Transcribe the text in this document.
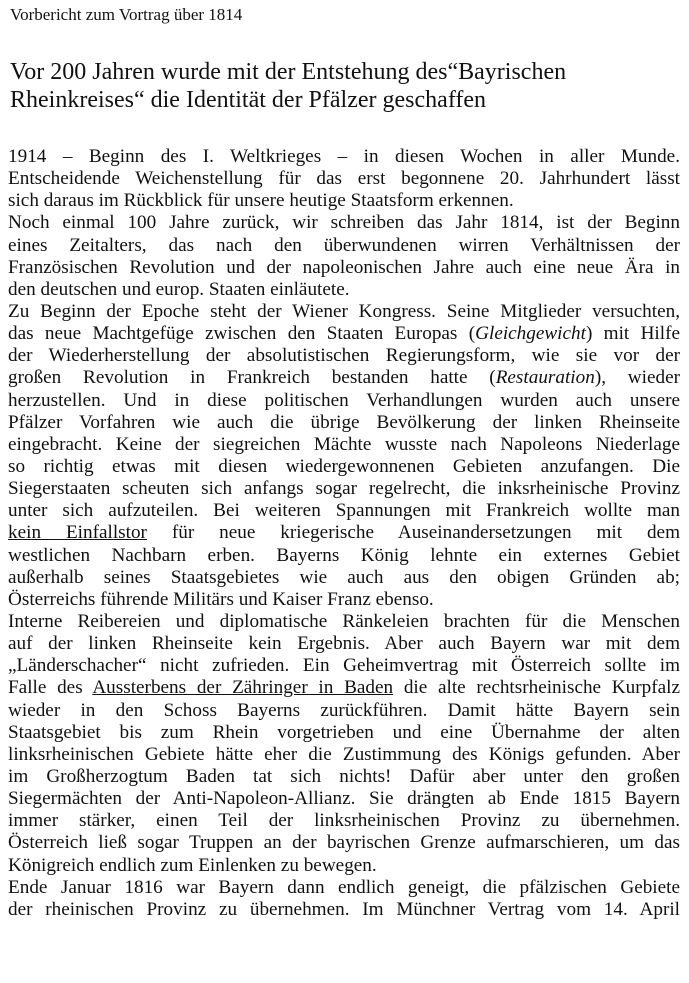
Vorbericht zum Vortrag über 1814
Vor 200 Jahren wurde mit der Entstehung des“Bayrischen
Rheinkreises“ die Identität der Pfälzer geschaffen
1914 – Beginn des I. Weltkrieges – in diesen Wochen in aller Munde.
Entscheidende Weichenstellung für das erst begonnene 20. Jahrhundert lässt
sich daraus im Rückblick für unsere heutige Staatsform erkennen.
Noch einmal 100 Jahre zurück, wir schreiben das Jahr 1814, ist der Beginn
eines Zeitalters, das nach den überwundenen wirren Verhältnissen der
Französischen Revolution und der napoleonischen Jahre auch eine neue Ära in
den deutschen und europ. Staaten einläutete.
Zu Beginn der Epoche steht der Wiener Kongress. Seine Mitglieder versuchten,
das neue Machtgefüge zwischen den Staaten Europas (Gleichgewicht) mit Hilfe
der Wiederherstellung der absolutistischen Regierungsform, wie sie vor der
großen Revolution in Frankreich bestanden hatte (Restauration), wieder
herzustellen. Und in diese politischen Verhandlungen wurden auch unsere
Pfälzer Vorfahren wie auch die übrige Bevölkerung der linken Rheinseite
eingebracht. Keine der siegreichen Mächte wusste nach Napoleons Niederlage
so richtig etwas mit diesen wiedergewonnenen Gebieten anzufangen. Die
Siegerstaaten scheuten sich anfangs sogar regelrecht, die inksrheinische Provinz
unter sich aufzuteilen. Bei weiteren Spannungen mit Frankreich wollte man
kein Einfallstor für neue kriegerische Auseinandersetzungen mit dem
westlichen Nachbarn erben. Bayerns König lehnte ein externes Gebiet
außerhalb seines Staatsgebietes wie auch aus den obigen Gründen ab;
Österreichs führende Militärs und Kaiser Franz ebenso.
Interne Reibereien und diplomatische Ränkeleien brachten für die Menschen
auf der linken Rheinseite kein Ergebnis. Aber auch Bayern war mit dem
„Länderschacher“ nicht zufrieden. Ein Geheimvertrag mit Österreich sollte im
Falle des Aussterbens der Zähringer in Baden die alte rechtsrheinische Kurpfalz
wieder in den Schoss Bayerns zurückführen. Damit hätte Bayern sein
Staatsgebiet bis zum Rhein vorgetrieben und eine Übernahme der alten
linksrheinischen Gebiete hätte eher die Zustimmung des Königs gefunden. Aber
im Großherzogtum Baden tat sich nichts! Dafür aber unter den großen
Siegermächten der Anti-Napoleon-Allianz. Sie drängten ab Ende 1815 Bayern
immer stärker, einen Teil der linksrheinischen Provinz zu übernehmen.
Österreich ließ sogar Truppen an der bayrischen Grenze aufmarschieren, um das
Königreich endlich zum Einlenken zu bewegen.
Ende Januar 1816 war Bayern dann endlich geneigt, die pfälzischen Gebiete
der rheinischen Provinz zu übernehmen. Im Münchner Vertrag vom 14. April
